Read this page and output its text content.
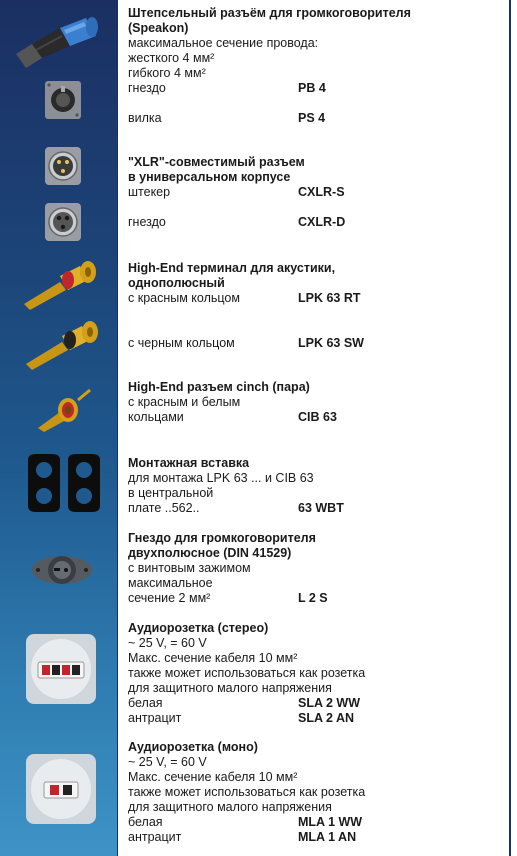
Штепсельный разъём для громкоговорителя
(Speakon)
максимальное сечение провода:
жесткого 4 мм²
гибкого 4 мм²
гнездо	PB 4
вилка	PS 4
"XLR"-совместимый разъем
в универсальном корпусе
штекер	CXLR-S
гнездо	CXLR-D
High-End терминал для акустики,
однополюсный
с красным кольцом	LPK 63 RT
с черным кольцом	LPK 63 SW
High-End разъем cinch (пара)
с красным и белым
кольцами	CIB 63
Монтажная вставка
для монтажа LPK 63 ... и CIB 63
в центральной
плате ..562..	63 WBT
Гнездо для громкоговорителя
двухполюсное (DIN 41529)
с винтовым зажимом
максимальное
сечение 2 мм²	L 2 S
Аудиорозетка (стерео)
~ 25 V, = 60 V
Макс. сечение кабеля 10 мм²
также может использоваться как розетка
для защитного малого напряжения
белая	SLA 2 WW
антрацит	SLA 2 AN
Аудиорозетка (моно)
~ 25 V, = 60 V
Макс. сечение кабеля 10 мм²
также может использоваться как розетка
для защитного малого напряжения
белая	MLA 1 WW
антрацит	MLA 1 AN
